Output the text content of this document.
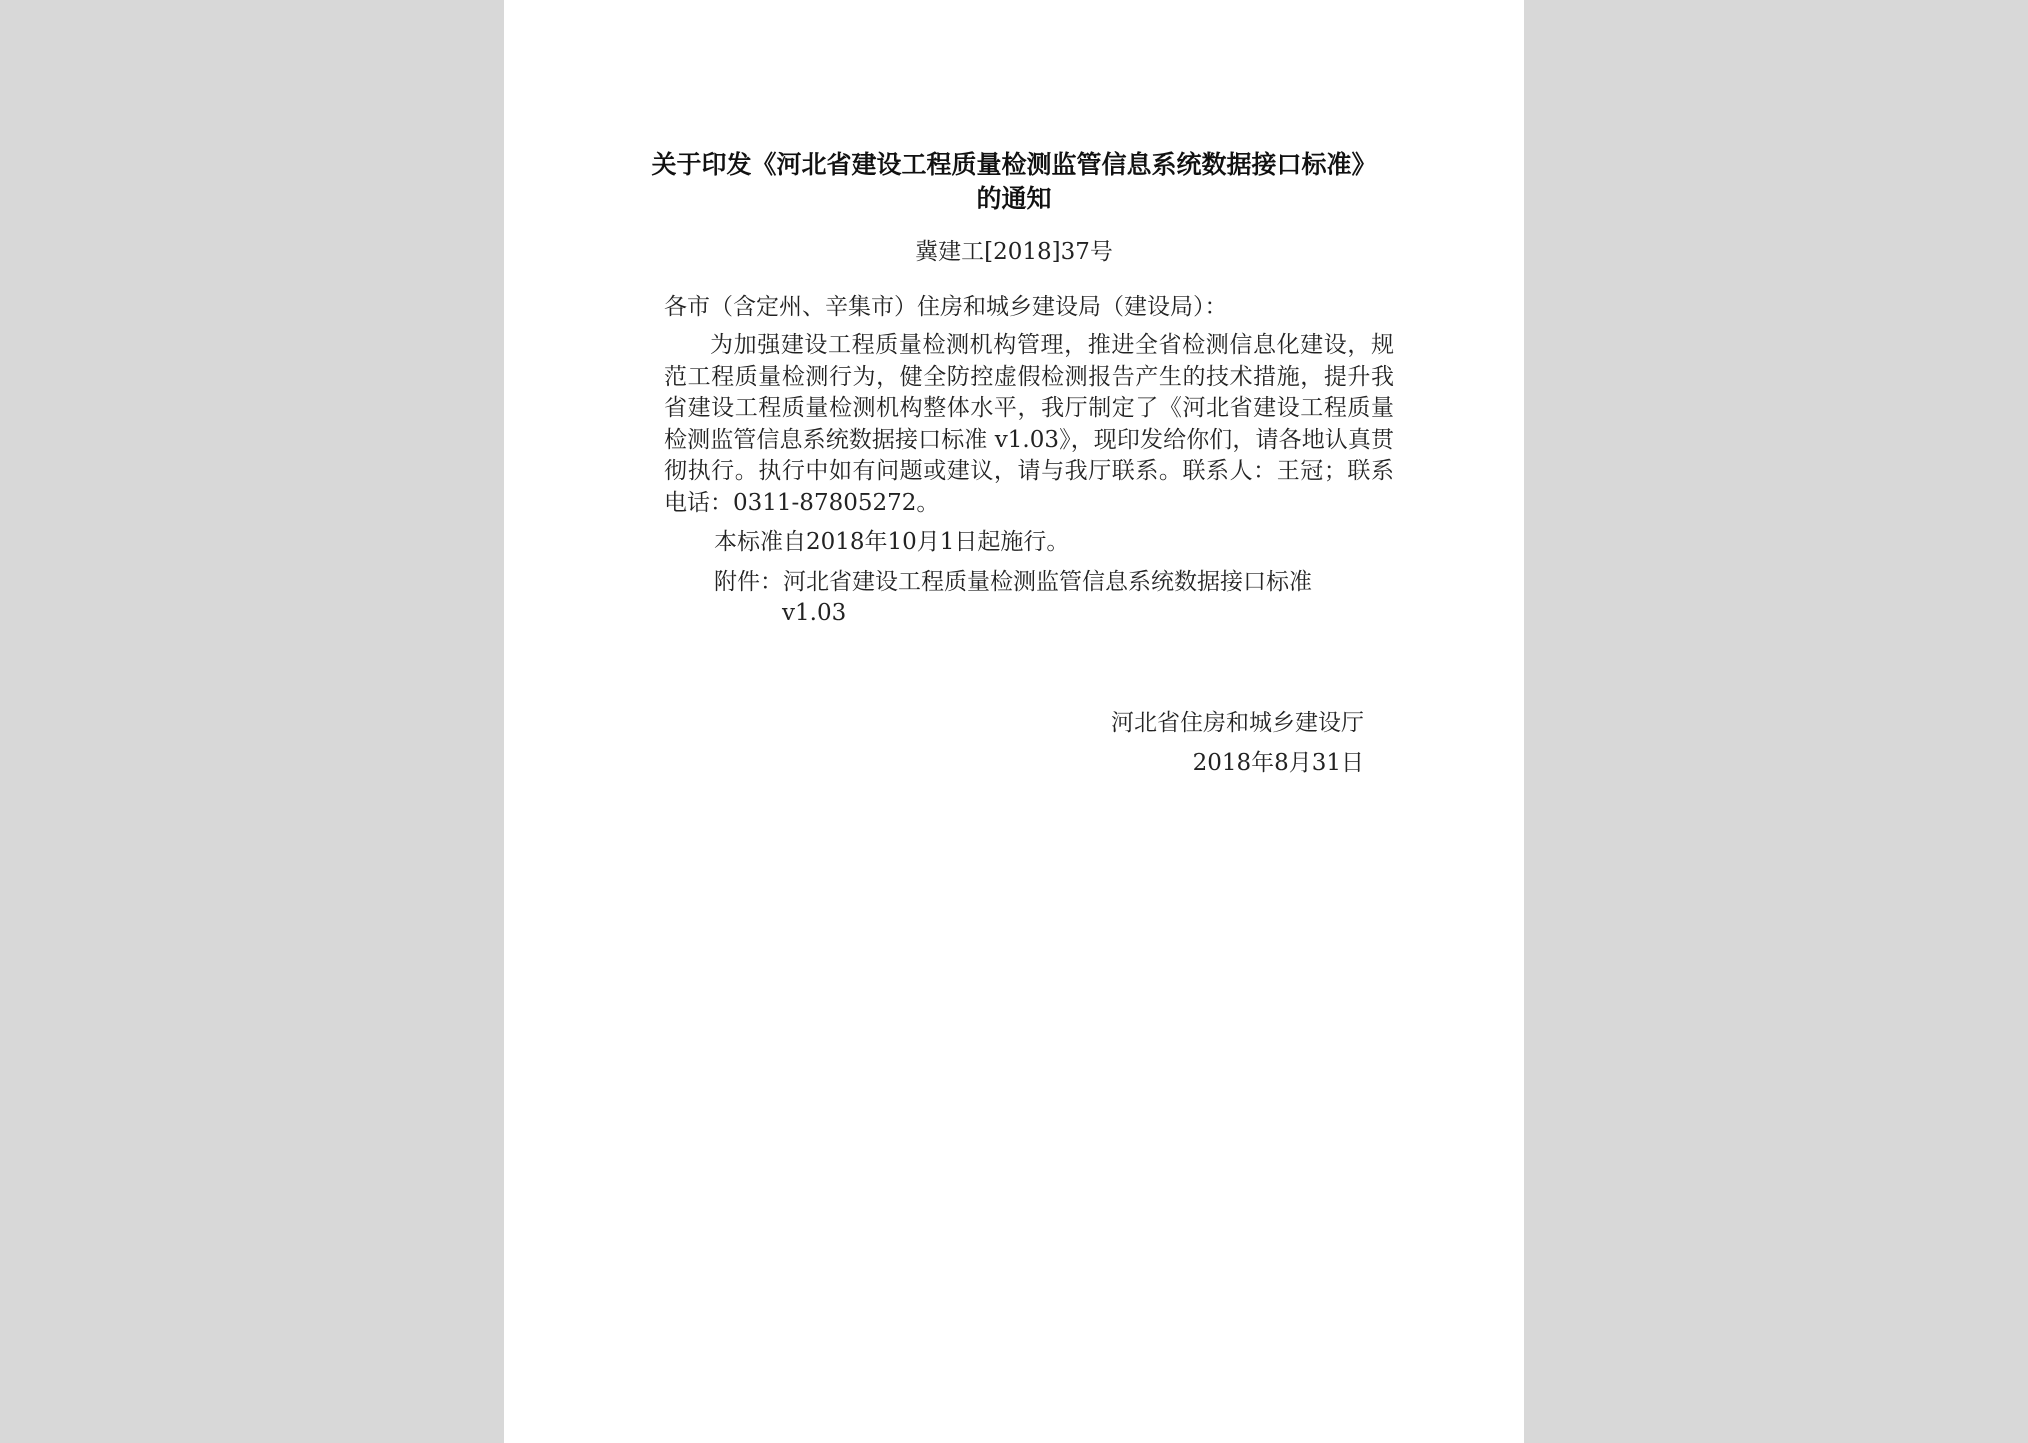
关于印发《河北省建设工程质量检测监管信息系统数据接口标准》
的通知
冀建工[2018]37号
各市（含定州、辛集市）住房和城乡建设局（建设局）：
为加强建设工程质量检测机构管理，推进全省检测信息化建设，规范工程质量检测行为，健全防控虚假检测报告产生的技术措施，提升我省建设工程质量检测机构整体水平，我厅制定了《河北省建设工程质量检测监管信息系统数据接口标准 v1.03》，现印发给你们，请各地认真贯彻执行。执行中如有问题或建议，请与我厅联系。联系人：王冠；联系电话：0311-87805272。
本标准自2018年10月1日起施行。
附件：河北省建设工程质量检测监管信息系统数据接口标准
v1.03
河北省住房和城乡建设厅
2018年8月31日
